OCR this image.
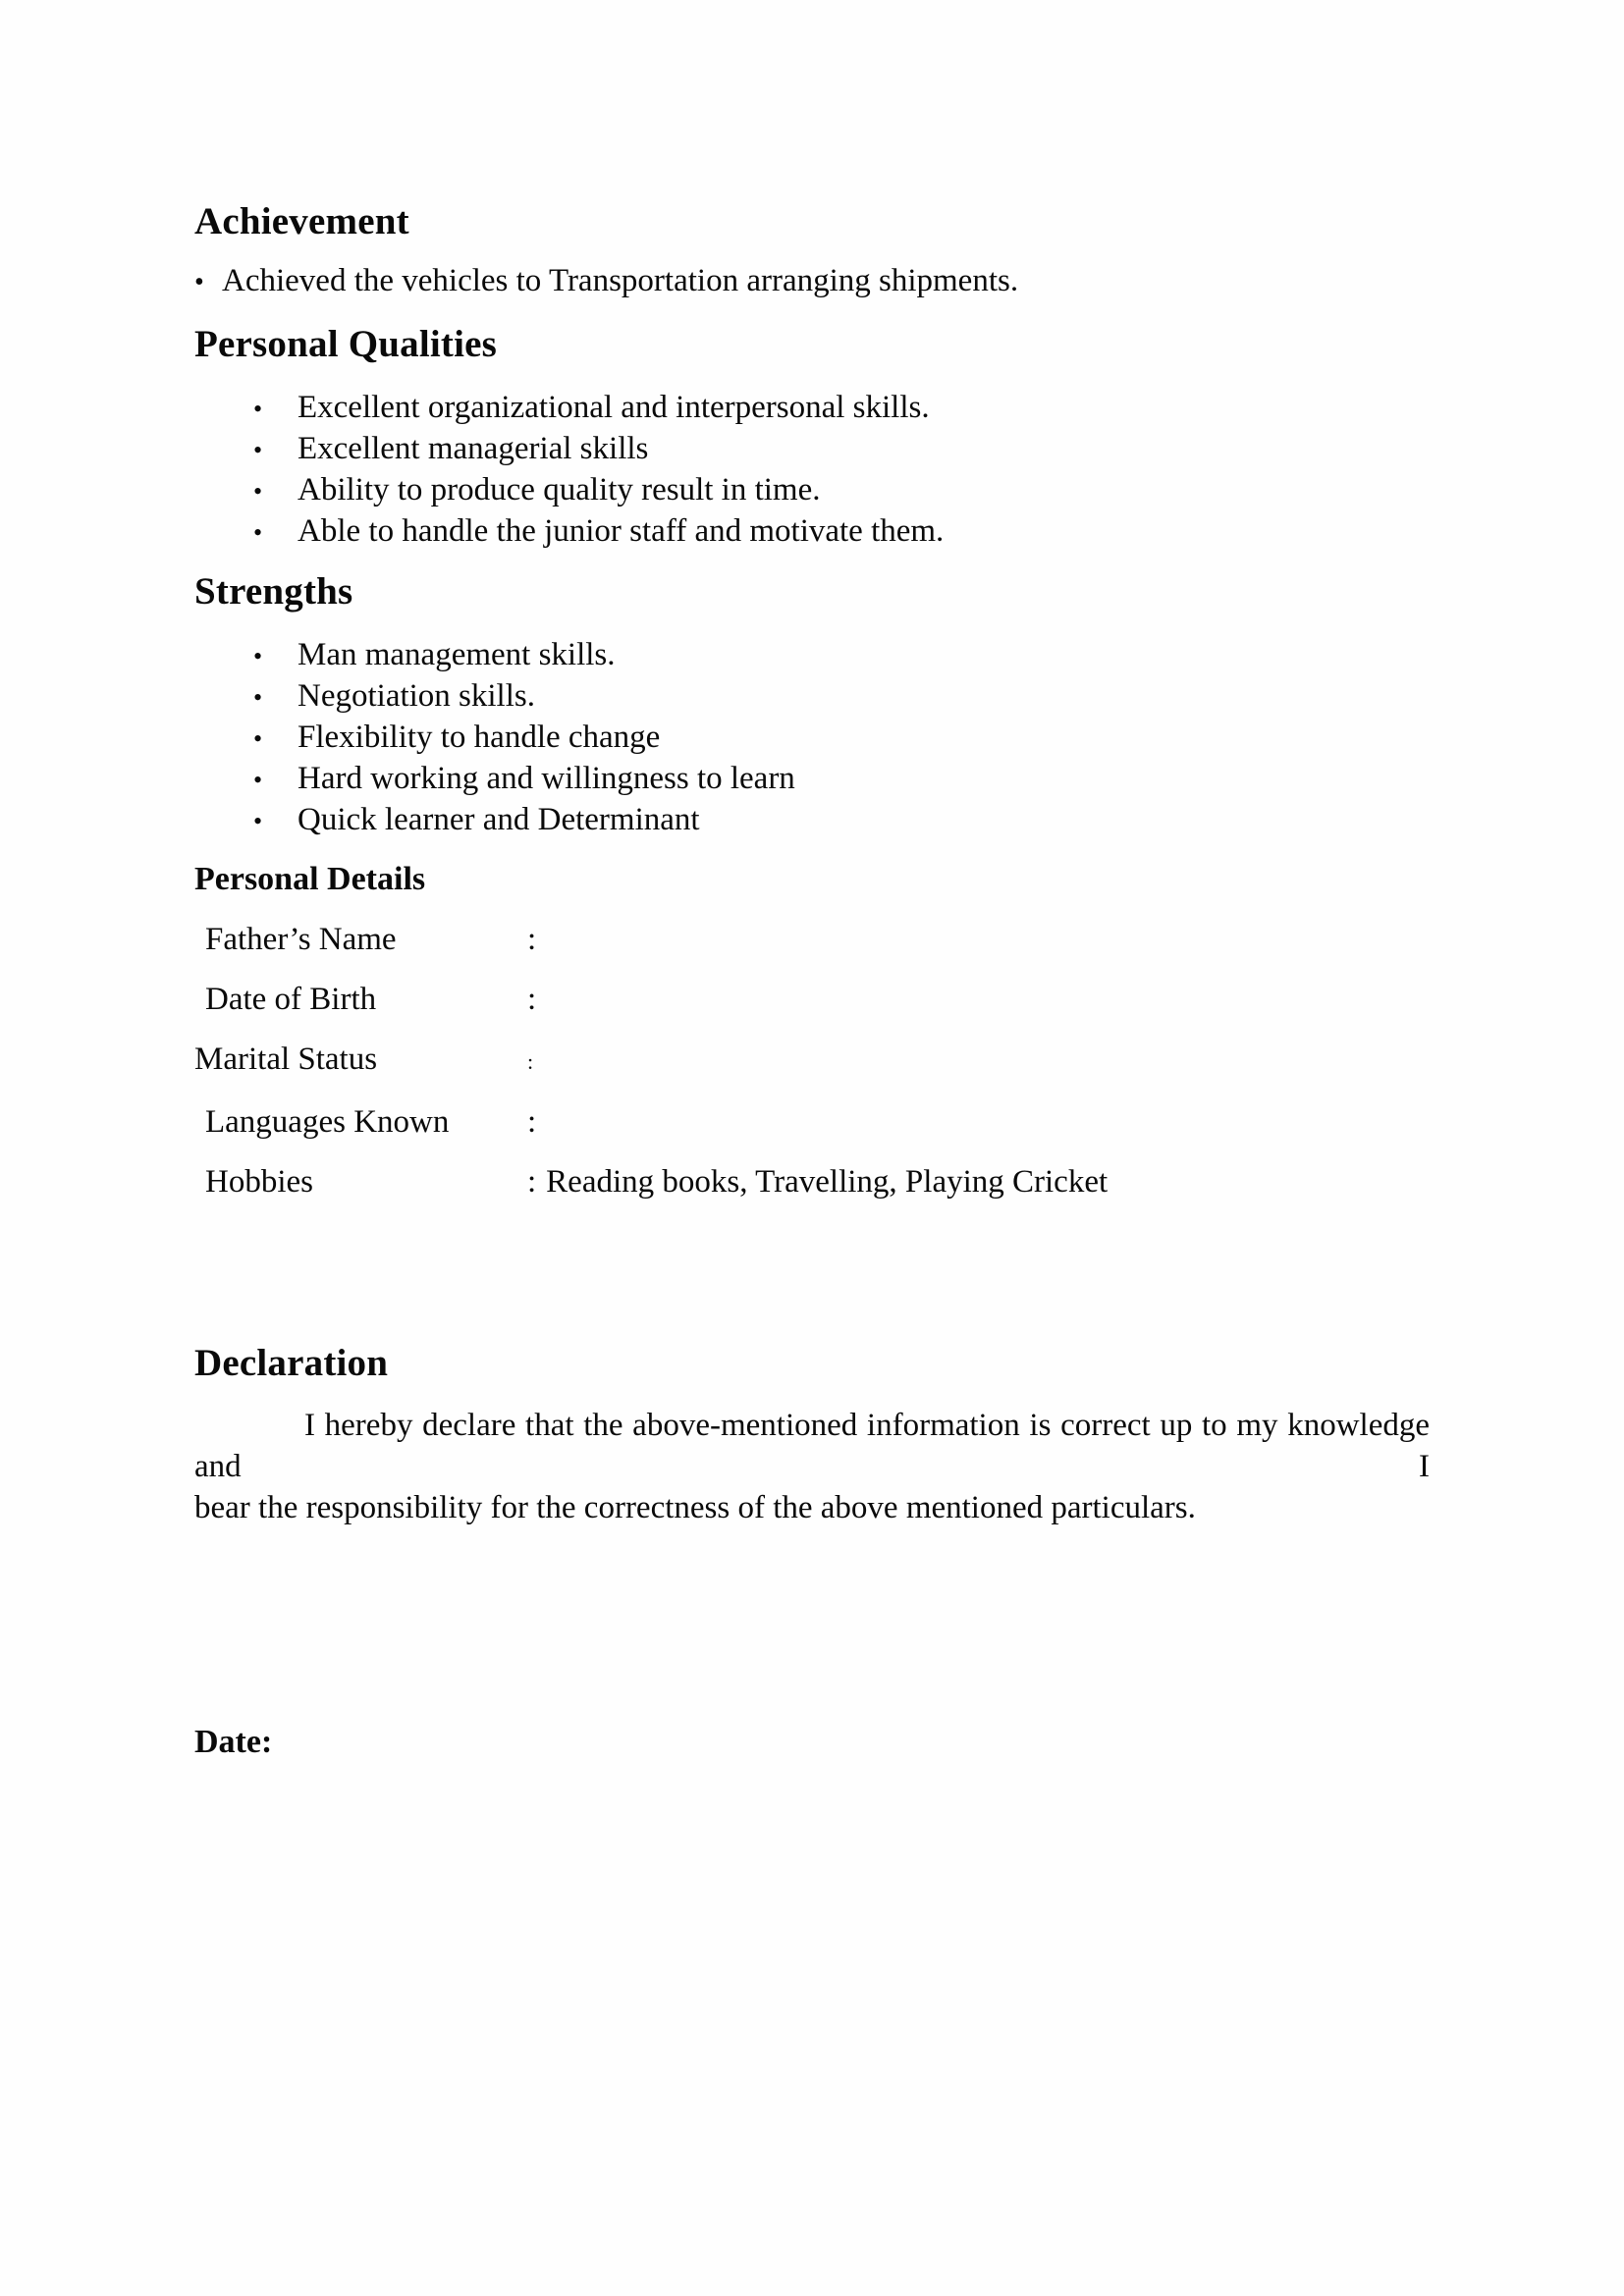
Achievement
• Achieved the vehicles to Transportation arranging shipments.
Personal Qualities
•	Excellent organizational and interpersonal skills.
•	Excellent managerial skills
•	Ability to produce quality result in time.
•	Able to handle the junior staff and motivate them.
Strengths
•	Man management skills.
•	Negotiation skills.
•	Flexibility to handle change
•	Hard working and willingness to learn
•	Quick learner and Determinant
Personal Details
Father’s Name	:
Date of Birth	:
Marital Status	:
Languages Known	:
Hobbies	: Reading books, Travelling, Playing Cricket
Declaration

I hereby declare that the above-mentioned information is correct up to my knowledge and I

bear the responsibility for the correctness of the above mentioned particulars.

Date:
